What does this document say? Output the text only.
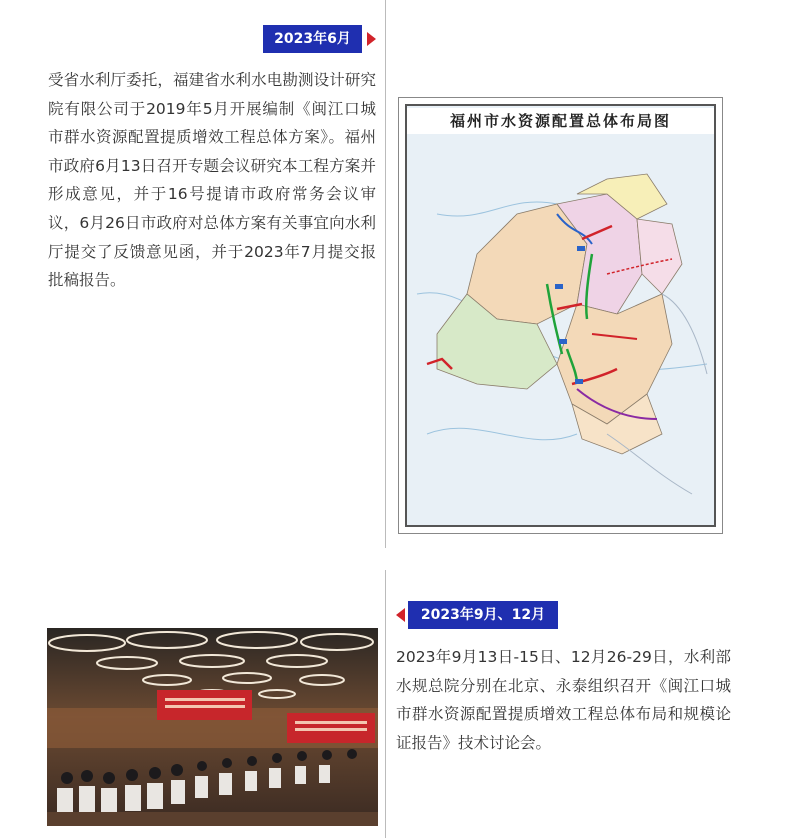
2023年6月
受省水利厅委托，福建省水利水电勘测设计研究院有限公司于2019年5月开展编制《闽江口城市群水资源配置提质增效工程总体方案》。福州市政府6月13日召开专题会议研究本工程方案并形成意见，并于16号提请市政府常务会议审议，6月26日市政府对总体方案有关事宜向水利厅提交了反馈意见函，并于2023年7月提交报批稿报告。
福州市水资源配置总体布局图
2023年9月、12月
2023年9月13日-15日、12月26-29日，水利部水规总院分别在北京、永泰组织召开《闽江口城市群水资源配置提质增效工程总体布局和规模论证报告》技术讨论会。
